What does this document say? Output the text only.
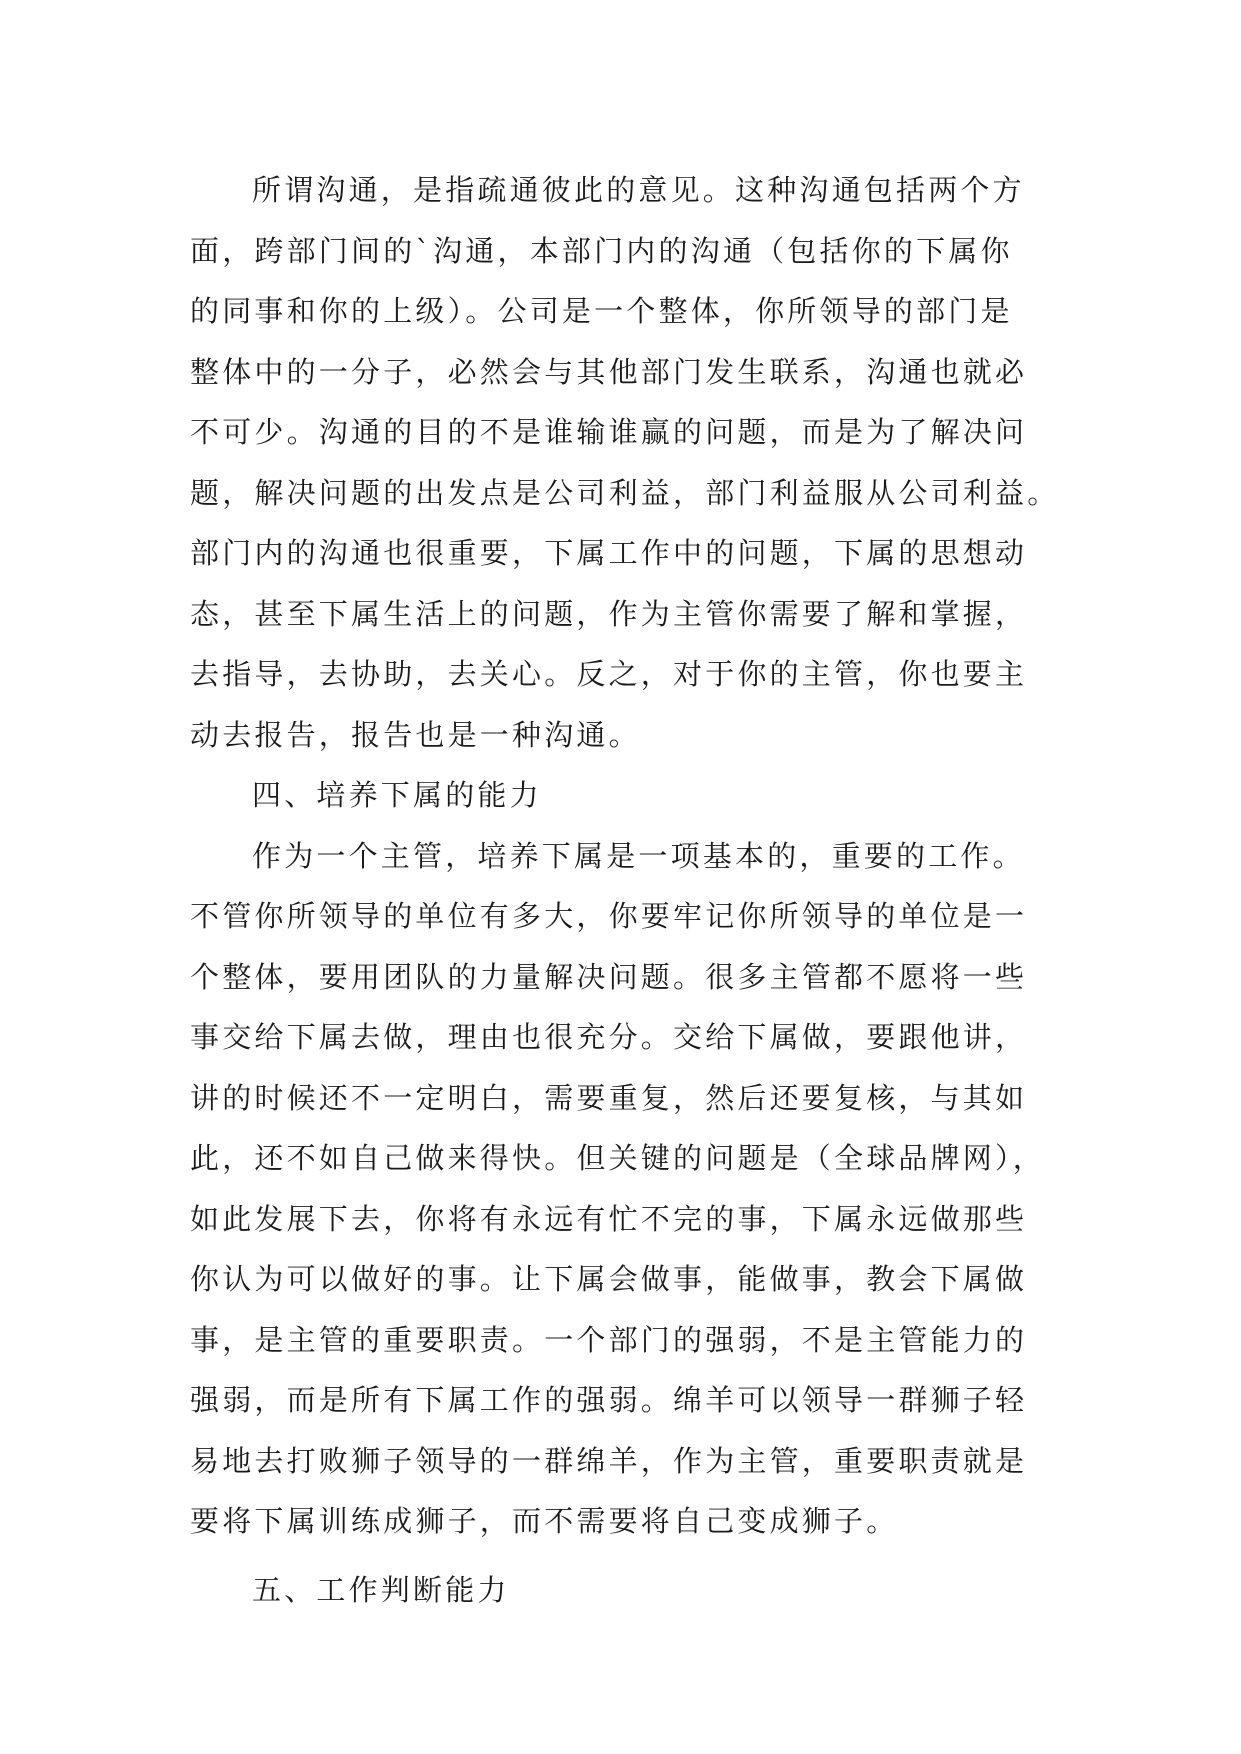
所谓沟通，是指疏通彼此的意见。这种沟通包括两个方
面，跨部门间的`沟通，本部门内的沟通（包括你的下属你
的同事和你的上级）。公司是一个整体，你所领导的部门是
整体中的一分子，必然会与其他部门发生联系，沟通也就必
不可少。沟通的目的不是谁输谁赢的问题，而是为了解决问
题，解决问题的出发点是公司利益，部门利益服从公司利益。
部门内的沟通也很重要，下属工作中的问题，下属的思想动
态，甚至下属生活上的问题，作为主管你需要了解和掌握，
去指导，去协助，去关心。反之，对于你的主管，你也要主
动去报告，报告也是一种沟通。
四、培养下属的能力
作为一个主管，培养下属是一项基本的，重要的工作。
不管你所领导的单位有多大，你要牢记你所领导的单位是一
个整体，要用团队的力量解决问题。很多主管都不愿将一些
事交给下属去做，理由也很充分。交给下属做，要跟他讲，
讲的时候还不一定明白，需要重复，然后还要复核，与其如
此，还不如自己做来得快。但关键的问题是（全球品牌网），
如此发展下去，你将有永远有忙不完的事，下属永远做那些
你认为可以做好的事。让下属会做事，能做事，教会下属做
事，是主管的重要职责。一个部门的强弱，不是主管能力的
强弱，而是所有下属工作的强弱。绵羊可以领导一群狮子轻
易地去打败狮子领导的一群绵羊，作为主管，重要职责就是
要将下属训练成狮子，而不需要将自己变成狮子。
五、工作判断能力
